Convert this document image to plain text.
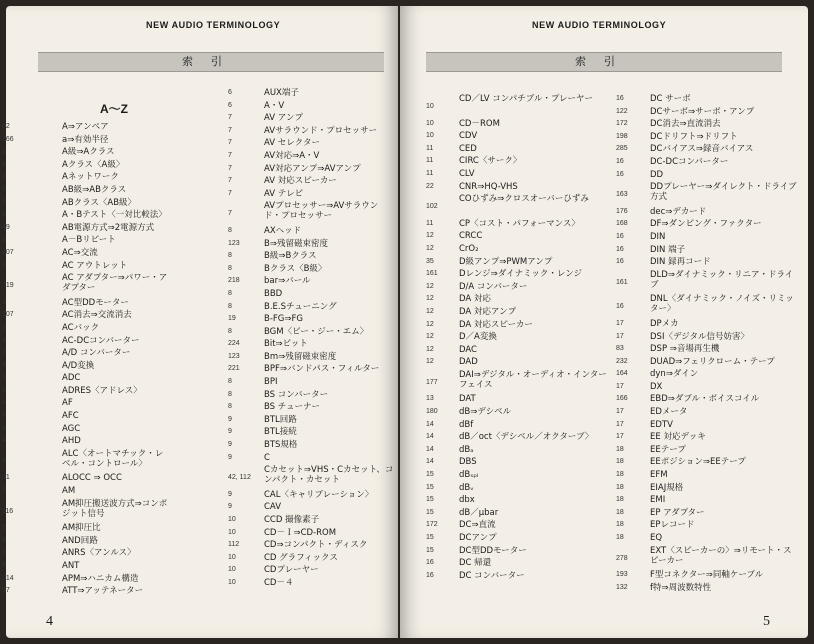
NEW AUDIO TERMINOLOGY
索引
A～Z
62	A⇒アンペア
266	a⇒有効半径
2	A級⇒Aクラス
2	Aクラス〈A級〉
2	Aネットワーク
2	AB級⇒ABクラス
2	ABクラス〈AB級〉
2	A・Bテスト〈一対比較法〉
49	AB電源方式⇒2電源方式
2	A－Bリピート
107	AC⇒交流
2	AC アウトレット
219
AC アダプター⇒パワー・アダプター
3	AC型DDモーター
107	AC消去⇒交流消去
3	ACバック
3	AC-DCコンバーター
3	A/D コンバーター
3	A/D変換
3	ADC
4	ADRES〈アドレス〉
4	AF
4	AFC
4	AGC
4	AHD
4
ALC〈オートマチック・レベル・コントロール〉
31	ALOCC ⇒ OCC
5	AM
116
AM抑圧搬送波方式⇒コンポジット信号
5	AM抑圧比
5	AND回路
5	ANRS〈アンルス〉
5	ANT
214	APM⇒ハニカム構造
57	ATT⇒アッテネーター
6	AUX端子
6	A・V
7	AV アンプ
7	AVサラウンド・プロセッサー
7	AV セレクター
7	AV対応⇒A・V
7	AV対応アンプ⇒AVアンプ
7	AV 対応スピーカー
7	AV テレビ
7
AVプロセッサー⇒AVサラウンド・プロセッサー
8	AXヘッド
123	B⇒残留磁束密度
8	B級⇒Bクラス
8	Bクラス〈B級〉
218	bar⇒バール
8	BBD
8	B.E.Sチューニング
19	B-FG⇒FG
8	BGM〈ビー・ジー・エム〉
224	Bit⇒ビット
123	Bm⇒残留磁束密度
221	BPF⇒バンドパス・フィルター
8	BPI
8	BS コンバーター
8	BS チューナー
9	BTL回路
9	BTL接続
9	BTS規格
9	C
42, 112
Cカセット⇒VHS・Cカセット、コンパクト・カセット
9	CAL〈キャリブレーション〉
9	CAV
10	CCD 撮像素子
10	CD－Ｉ⇒CD-ROM
112	CD⇒コンパクト・ディスク
10	CD グラフィックス
10	CDプレーヤー
10	CD－４
4
NEW AUDIO TERMINOLOGY
索引
10
CD／LV コンパチブル・プレーヤー
10	CD－ROM
10	CDV
11	CED
11	CIRC〈サーク〉
11	CLV
22	CNR⇒HQ-VHS
102
COひずみ⇒クロスオーバーひずみ
11	CP〈コスト・パフォーマンス〉
12	CRCC
12	CrO₂
35	D級アンプ⇒PWMアンプ
161	Dレンジ⇒ダイナミック・レンジ
12	D/A コンバーター
12	DA 対応
12	DA 対応アンプ
12	DA 対応スピーカー
12	D／A変換
12	DAC
12	DAD
177
DAI⇒デジタル・オーディオ・インターフェイス
13	DAT
180	dB⇒デシベル
14	dBf
14	dB／oct〈デシベル／オクターブ〉
14	dBₐ
14	DBS
15	dBₛₚₗ
15	dBᵥ
15	dbx
15	dB／μbar
172	DC⇒直流
15	DCアンプ
15	DC型DDモーター
16	DC 帰還
16	DC コンバーター
16	DC サーボ
122	DCサーボ⇒サーボ・アンプ
172	DC消去⇒直流消去
198	DCドリフト⇒ドリフト
285	DCバイアス⇒録音バイアス
16	DC-DCコンバーター
16	DD
163
DDプレーヤー⇒ダイレクト・ドライブ方式
176	dec⇒デカード
168	DF⇒ダンピング・ファクター
16	DIN
16	DIN 端子
16	DIN 録再コード
161
DLD⇒ダイナミック・リニア・ドライブ
16
DNL〈ダイナミック・ノイズ・リミッター〉
17	DPメカ
17	DSI〈デジタル信号妨害〉
83	DSP ⇒音場再生機
232	DUAD⇒フェリクローム・テープ
164	dyn⇒ダイン
17	DX
166	EBD⇒ダブル・ボイスコイル
17	EDメータ
17	EDTV
17	EE 対応デッキ
18	EEテープ
18	EEポジション⇒EEテープ
18	EFM
18	EIAJ規格
18	EMI
18	EP アダプター
18	EPレコード
18	EQ
278
EXT〈スピーカーの〉⇒リモート・スピーカー
193	F型コネクター⇒同軸ケーブル
132	f特⇒周波数特性
5
